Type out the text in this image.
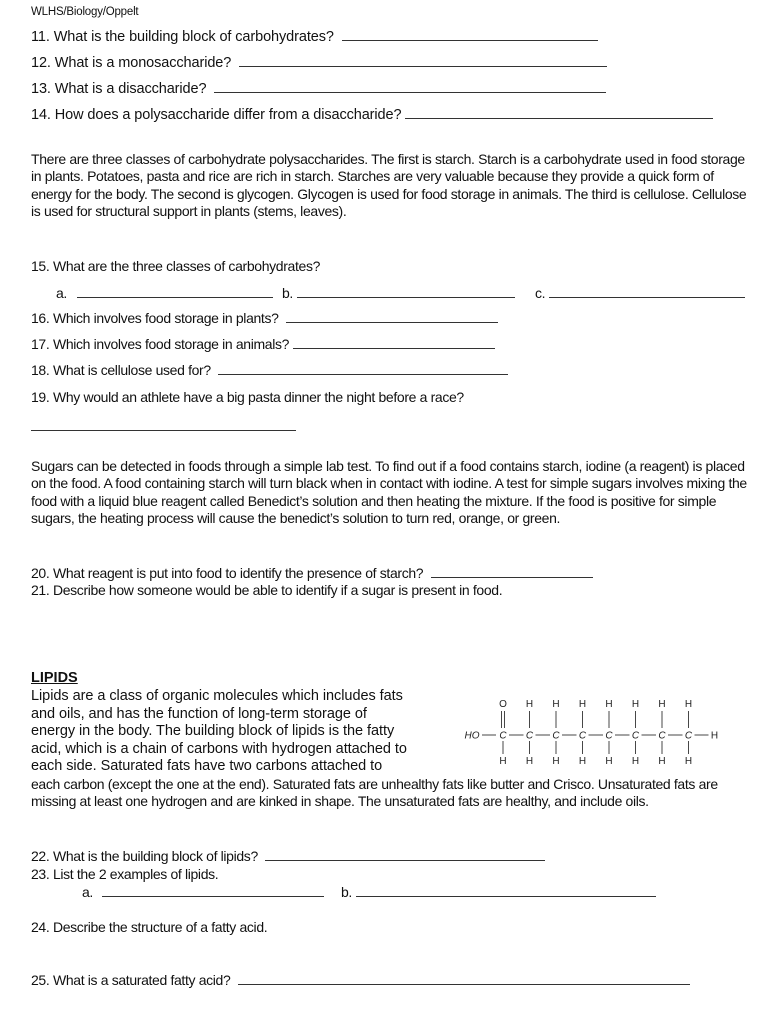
WLHS/Biology/Oppelt
11. What is the building block of carbohydrates?
12. What is a monosaccharide?
13. What is a disaccharide?
14. How does a polysaccharide differ from a disaccharide?
There are three classes of carbohydrate polysaccharides. The first is starch. Starch is a carbohydrate used in food storage in plants. Potatoes, pasta and rice are rich in starch. Starches are very valuable because they provide a quick form of energy for the body. The second is glycogen. Glycogen is used for food storage in animals. The third is cellulose. Cellulose is used for structural support in plants (stems, leaves).
15. What are the three classes of carbohydrates?
a.	b.	c.
16. Which involves food storage in plants?
17. Which involves food storage in animals?
18. What is cellulose used for?
19. Why would an athlete have a big pasta dinner the night before a race?
Sugars can be detected in foods through a simple lab test. To find out if a food contains starch, iodine (a reagent) is placed on the food. A food containing starch will turn black when in contact with iodine. A test for simple sugars involves mixing the food with a liquid blue reagent called Benedict’s solution and then heating the mixture. If the food is positive for simple sugars, the heating process will cause the benedict’s solution to turn red, orange, or green.
20. What reagent is put into food to identify the presence of starch?
21. Describe how someone would be able to identify if a sugar is present in food.
LIPIDS
Lipids are a class of organic molecules which includes fats
and oils, and has the function of long-term storage of
energy in the body. The building block of lipids is the fatty
acid, which is a chain of carbons with hydrogen attached to
each side. Saturated fats have two carbons attached to
HO C
O
H
C
H
H
C
H
H
C
H
H
C
H
H
C
H
H
C
H
H
C
H
H
H
each carbon (except the one at the end). Saturated fats are unhealthy fats like butter and Crisco. Unsaturated fats are missing at least one hydrogen and are kinked in shape. The unsaturated fats are healthy, and include oils.
22. What is the building block of lipids?
23. List the 2 examples of lipids.
a.	b.
24. Describe the structure of a fatty acid.
25. What is a saturated fatty acid?
